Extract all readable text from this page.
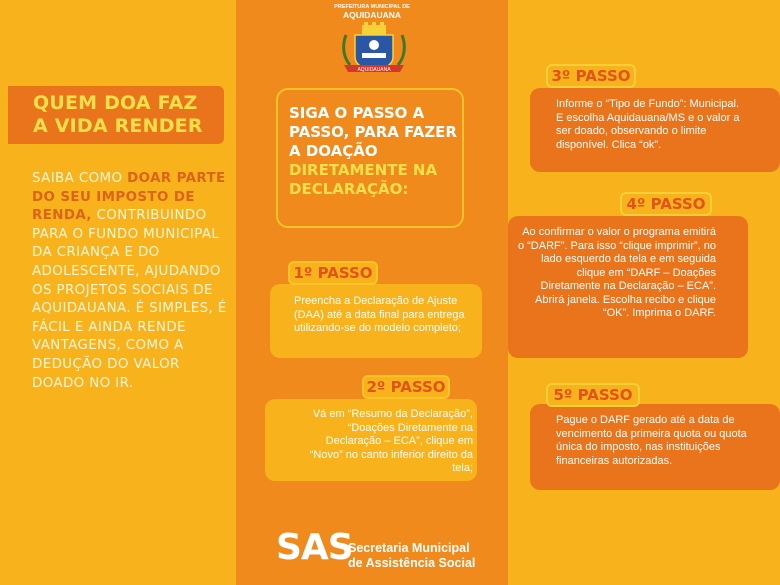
QUEM DOA FAZ
A VIDA RENDER
SAIBA COMO DOAR PARTE DO SEU IMPOSTO DE RENDA, CONTRIBUINDO PARA O FUNDO MUNICIPAL DA CRIANÇA E DO ADOLESCENTE, AJUDANDO OS PROJETOS SOCIAIS DE AQUIDAUANA. É SIMPLES, É FÁCIL E AINDA RENDE VANTAGENS, COMO A DEDUÇÃO DO VALOR DOADO NO IR.
PREFEITURA MUNICIPAL DE
AQUIDAUANA
AQUIDAUANA
SIGA O PASSO A PASSO, PARA FAZER A DOAÇÃO DIRETAMENTE NA DECLARAÇÃO:
Preencha a Declaração de Ajuste (DAA) até a data final para entrega utilizando-se do modelo completo;
1º PASSO
Vá em “Resumo da Declaração”, “Doações Diretamente na Declaração – ECA”, clique em “Novo” no canto inferior direito da tela;
2º PASSO
Informe o “Tipo de Fundo”: Municipal. E escolha Aquidauana/MS e o valor a ser doado, observando o limite disponível. Clica “ok”.
3º PASSO
Ao confirmar o valor o programa emitirá o “DARF”. Para isso “clique imprimir”, no lado esquerdo da tela e em seguida clique em “DARF – Doações Diretamente na Declaração – ECA”. Abrirá janela. Escolha recibo e clique “OK”. Imprima o DARF.
4º PASSO
Pague o DARF gerado até a data de vencimento da primeira quota ou quota única do imposto, nas instituições financeiras autorizadas.
5º PASSO
SAS
Secretaria Municipal
de Assistência Social
